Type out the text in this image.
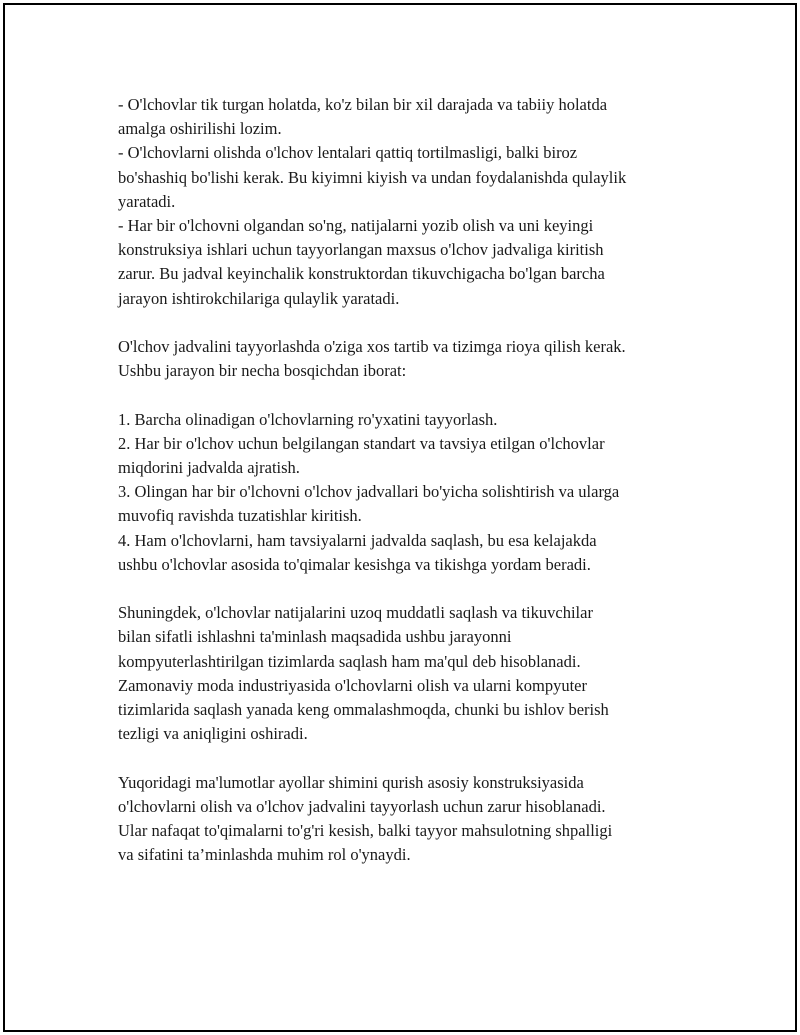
- O'lchovlar tik turgan holatda, ko'z bilan bir xil darajada va tabiiy holatda
amalga oshirilishi lozim.
- O'lchovlarni olishda o'lchov lentalari qattiq tortilmasligi, balki biroz
bo'shashiq bo'lishi kerak. Bu kiyimni kiyish va undan foydalanishda qulaylik
yaratadi.
- Har bir o'lchovni olgandan so'ng, natijalarni yozib olish va uni keyingi
konstruksiya ishlari uchun tayyorlangan maxsus o'lchov jadvaliga kiritish
zarur. Bu jadval keyinchalik konstruktordan tikuvchigacha bo'lgan barcha
jarayon ishtirokchilariga qulaylik yaratadi.
O'lchov jadvalini tayyorlashda o'ziga xos tartib va tizimga rioya qilish kerak.
Ushbu jarayon bir necha bosqichdan iborat:
1. Barcha olinadigan o'lchovlarning ro'yxatini tayyorlash.
2. Har bir o'lchov uchun belgilangan standart va tavsiya etilgan o'lchovlar
miqdorini jadvalda ajratish.
3. Olingan har bir o'lchovni o'lchov jadvallari bo'yicha solishtirish va ularga
muvofiq ravishda tuzatishlar kiritish.
4. Ham o'lchovlarni, ham tavsiyalarni jadvalda saqlash, bu esa kelajakda
ushbu o'lchovlar asosida to'qimalar kesishga va tikishga yordam beradi.
Shuningdek, o'lchovlar natijalarini uzoq muddatli saqlash va tikuvchilar
bilan sifatli ishlashni ta'minlash maqsadida ushbu jarayonni
kompyuterlashtirilgan tizimlarda saqlash ham ma'qul deb hisoblanadi.
Zamonaviy moda industriyasida o'lchovlarni olish va ularni kompyuter
tizimlarida saqlash yanada keng ommalashmoqda, chunki bu ishlov berish
tezligi va aniqligini oshiradi.
Yuqoridagi ma'lumotlar ayollar shimini qurish asosiy konstruksiyasida
o'lchovlarni olish va o'lchov jadvalini tayyorlash uchun zarur hisoblanadi.
Ular nafaqat to'qimalarni to'g'ri kesish, balki tayyor mahsulotning shpalligi
va sifatini ta’minlashda muhim rol o'ynaydi.
